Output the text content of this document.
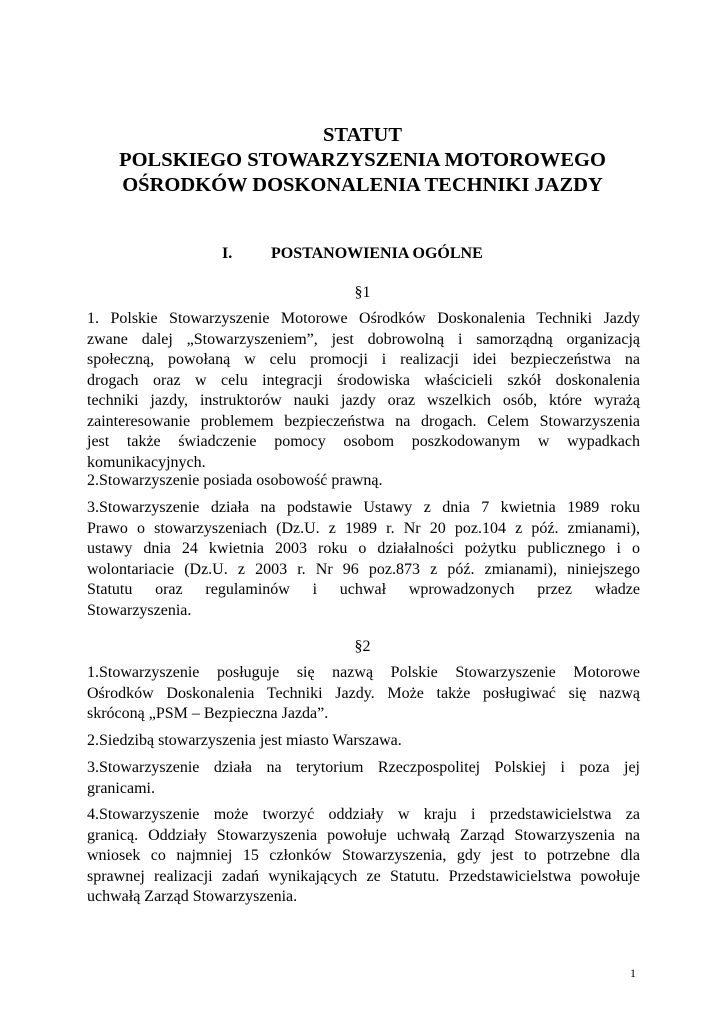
STATUT
POLSKIEGO STOWARZYSZENIA MOTOROWEGO
OŚRODKÓW DOSKONALENIA TECHNIKI JAZDY
I. POSTANOWIENIA OGÓLNE
§1
1. Polskie Stowarzyszenie Motorowe Ośrodków Doskonalenia Techniki Jazdy
zwane dalej „Stowarzyszeniem”, jest dobrowolną i samorządną organizacją
społeczną, powołaną w celu promocji i realizacji idei bezpieczeństwa na
drogach oraz w celu integracji środowiska właścicieli szkół doskonalenia
techniki jazdy, instruktorów nauki jazdy oraz wszelkich osób, które wyrażą
zainteresowanie problemem bezpieczeństwa na drogach. Celem Stowarzyszenia
jest także świadczenie pomocy osobom poszkodowanym w wypadkach
komunikacyjnych.
2.Stowarzyszenie posiada osobowość prawną.
3.Stowarzyszenie działa na podstawie Ustawy z dnia 7 kwietnia 1989 roku
Prawo o stowarzyszeniach (Dz.U. z 1989 r. Nr 20 poz.104 z póź. zmianami),
ustawy dnia 24 kwietnia 2003 roku o działalności pożytku publicznego i o
wolontariacie (Dz.U. z 2003 r. Nr 96 poz.873 z póź. zmianami), niniejszego
Statutu oraz regulaminów i uchwał wprowadzonych przez władze
Stowarzyszenia.
§2
1.Stowarzyszenie posługuje się nazwą Polskie Stowarzyszenie Motorowe
Ośrodków Doskonalenia Techniki Jazdy. Może także posługiwać się nazwą
skróconą „PSM – Bezpieczna Jazda”.
2.Siedzibą stowarzyszenia jest miasto Warszawa.
3.Stowarzyszenie działa na terytorium Rzeczpospolitej Polskiej i poza jej
granicami.
4.Stowarzyszenie może tworzyć oddziały w kraju i przedstawicielstwa za
granicą. Oddziały Stowarzyszenia powołuje uchwałą Zarząd Stowarzyszenia na
wniosek co najmniej 15 członków Stowarzyszenia, gdy jest to potrzebne dla
sprawnej realizacji zadań wynikających ze Statutu. Przedstawicielstwa powołuje
uchwałą Zarząd Stowarzyszenia.
1
